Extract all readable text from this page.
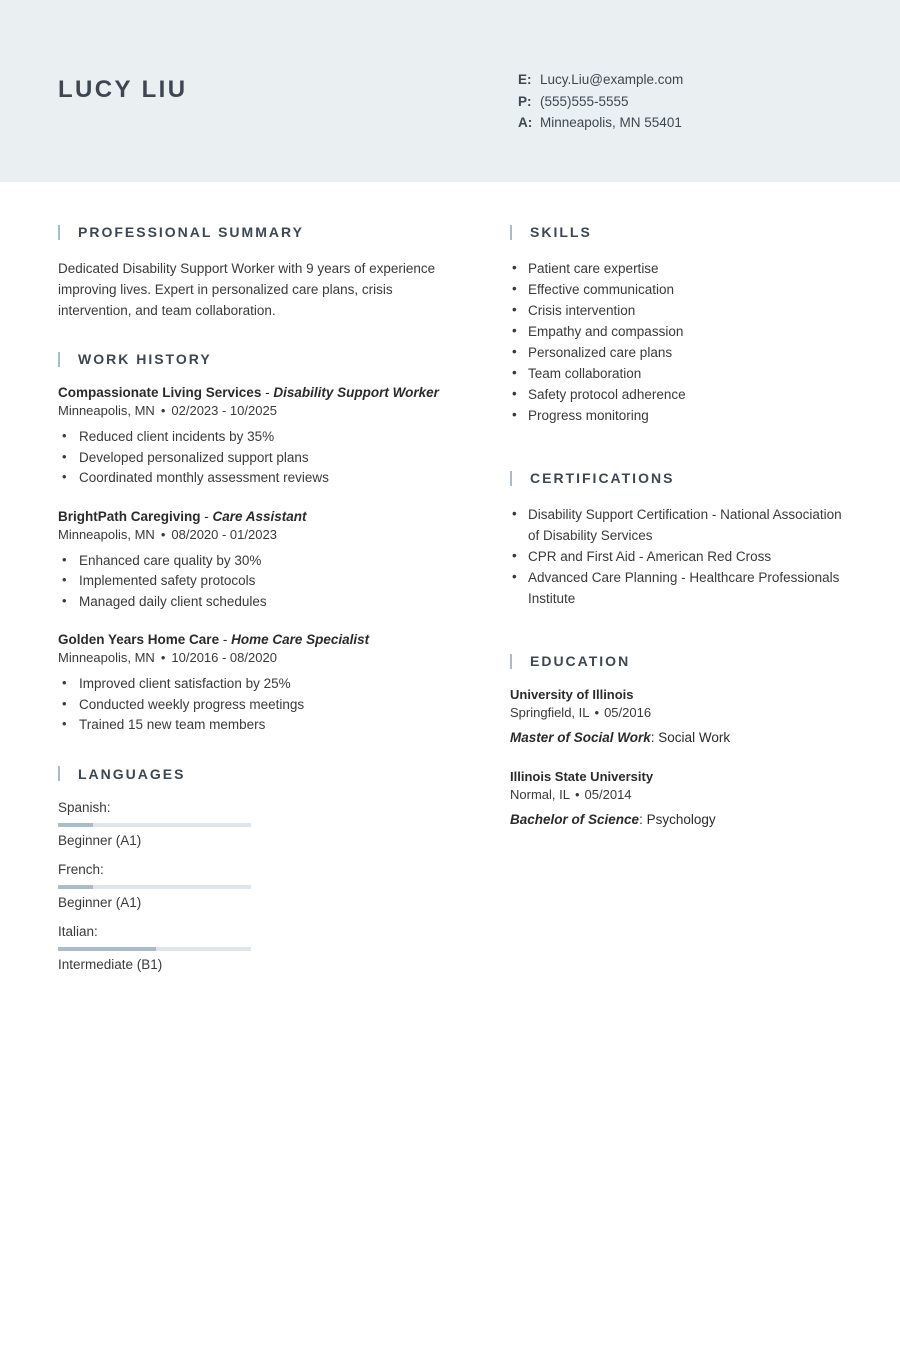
LUCY LIU	E: Lucy.Liu@example.com
P: (555)555-5555
A: Minneapolis, MN 55401
PROFESSIONAL SUMMARY
Dedicated Disability Support Worker with 9 years of experience improving lives. Expert in personalized care plans, crisis intervention, and team collaboration.
WORK HISTORY
Compassionate Living Services - Disability Support Worker
Minneapolis, MN • 02/2023 - 10/2025
• Reduced client incidents by 35%
• Developed personalized support plans
• Coordinated monthly assessment reviews
BrightPath Caregiving - Care Assistant
Minneapolis, MN • 08/2020 - 01/2023
• Enhanced care quality by 30%
• Implemented safety protocols
• Managed daily client schedules
Golden Years Home Care - Home Care Specialist
Minneapolis, MN • 10/2016 - 08/2020
• Improved client satisfaction by 25%
• Conducted weekly progress meetings
• Trained 15 new team members
LANGUAGES
Spanish:
Beginner (A1)
French:
Beginner (A1)
Italian:
Intermediate (B1)
SKILLS
• Patient care expertise
• Effective communication
• Crisis intervention
• Empathy and compassion
• Personalized care plans
• Team collaboration
• Safety protocol adherence
• Progress monitoring
CERTIFICATIONS
• Disability Support Certification - National Association of Disability Services
• CPR and First Aid - American Red Cross
• Advanced Care Planning - Healthcare Professionals Institute
EDUCATION
University of Illinois
Springfield, IL • 05/2016
Master of Social Work: Social Work
Illinois State University
Normal, IL • 05/2014
Bachelor of Science: Psychology
